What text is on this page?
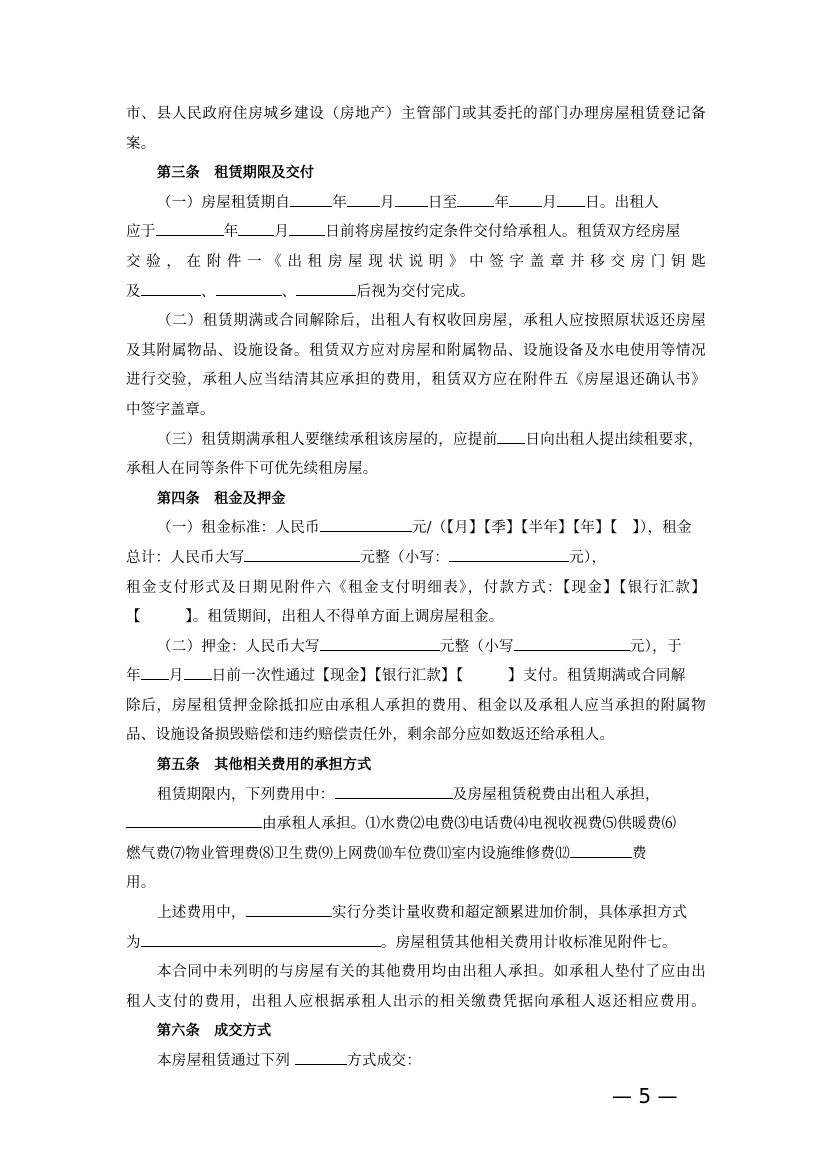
市、县人民政府住房城乡建设（房地产）主管部门或其委托的部门办理房屋租赁登记备
案。
第三条　租赁期限及交付
（一）房屋租赁期自	年 月 日至	年 月 日。出租人
应于	年 月 日前将房屋按约定条件交付给承租人。租赁双方经房屋
交验，在附件一《出租房屋现状说明》中签字盖章并移交房门钥匙
及	、	、	后视为交付完成。
（二）租赁期满或合同解除后，出租人有权收回房屋，承租人应按照原状返还房屋
及其附属物品、设施设备。租赁双方应对房屋和附属物品、设施设备及水电使用等情况
进行交验，承租人应当结清其应承担的费用，租赁双方应在附件五《房屋退还确认书》
中签字盖章。
（三）租赁期满承租人要继续承租该房屋的，应提前 日向出租人提出续租要求，
承租人在同等条件下可优先续租房屋。
第四条　租金及押金
（一）租金标准：人民币	元/（【月】【季】【半年】【年】【　】），租金
总计：人民币大写	元整（小写：	元），
租金支付形式及日期见附件六《租金支付明细表》，付款方式：【现金】【银行汇款】
【　　　】。租赁期间，出租人不得单方面上调房屋租金。
（二）押金：人民币大写	元整（小写	元），于
年 月 日前一次性通过【现金】【银行汇款】【　　　】支付。租赁期满或合同解
除后，房屋租赁押金除抵扣应由承租人承担的费用、租金以及承租人应当承担的附属物
品、设施设备损毁赔偿和违约赔偿责任外，剩余部分应如数返还给承租人。
第五条　其他相关费用的承担方式
租赁期限内，下列费用中：	及房屋租赁税费由出租人承担，
由承租人承担。⑴水费⑵电费⑶电话费⑷电视收视费⑸供暖费⑹
燃气费⑺物业管理费⑻卫生费⑼上网费⑽车位费⑾室内设施维修费⑿	费
用。
上述费用中，	实行分类计量收费和超定额累进加价制，具体承担方式
为	。房屋租赁其他相关费用计收标准见附件七。
本合同中未列明的与房屋有关的其他费用均由出租人承担。如承租人垫付了应由出
租人支付的费用，出租人应根据承租人出示的相关缴费凭据向承租人返还相应费用。
第六条　成交方式
本房屋租赁通过下列	方式成交：
— 5 —
